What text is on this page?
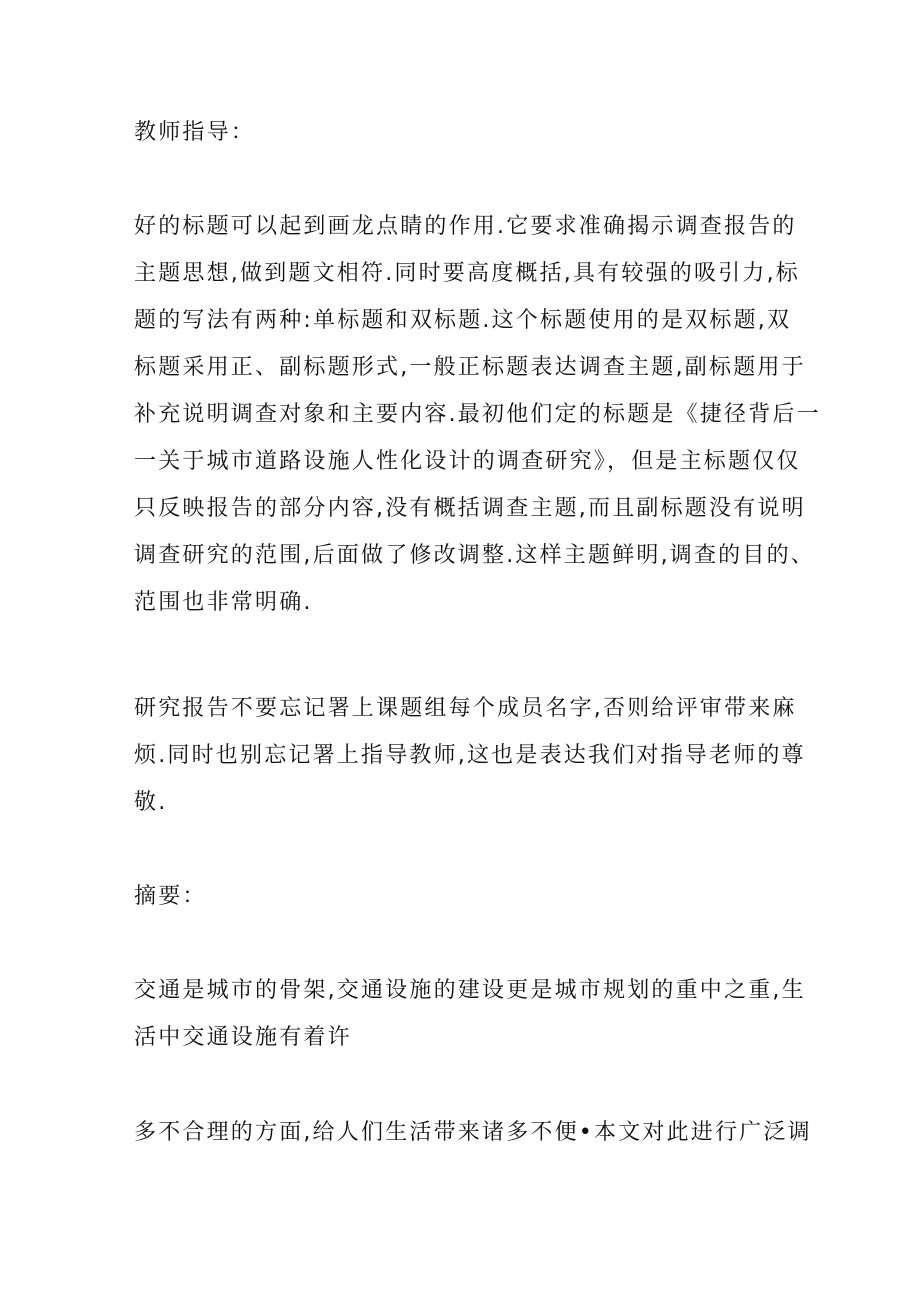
教师指导：
好的标题可以起到画龙点睛的作用.它要求准确揭示调查报告的
主题思想,做到题文相符.同时要高度概括,具有较强的吸引力,标
题的写法有两种:单标题和双标题.这个标题使用的是双标题,双
标题采用正、副标题形式,一般正标题表达调查主题,副标题用于
补充说明调查对象和主要内容.最初他们定的标题是《捷径背后一
一关于城市道路设施人性化设计的调查研究》，但是主标题仅仅
只反映报告的部分内容,没有概括调查主题,而且副标题没有说明
调查研究的范围,后面做了修改调整.这样主题鲜明,调查的目的、
范围也非常明确.
研究报告不要忘记署上课题组每个成员名字,否则给评审带来麻
烦.同时也别忘记署上指导教师,这也是表达我们对指导老师的尊
敬.
摘要：
交通是城市的骨架,交通设施的建设更是城市规划的重中之重,生
活中交通设施有着许
多不合理的方面,给人们生活带来诸多不便•本文对此进行广泛调
